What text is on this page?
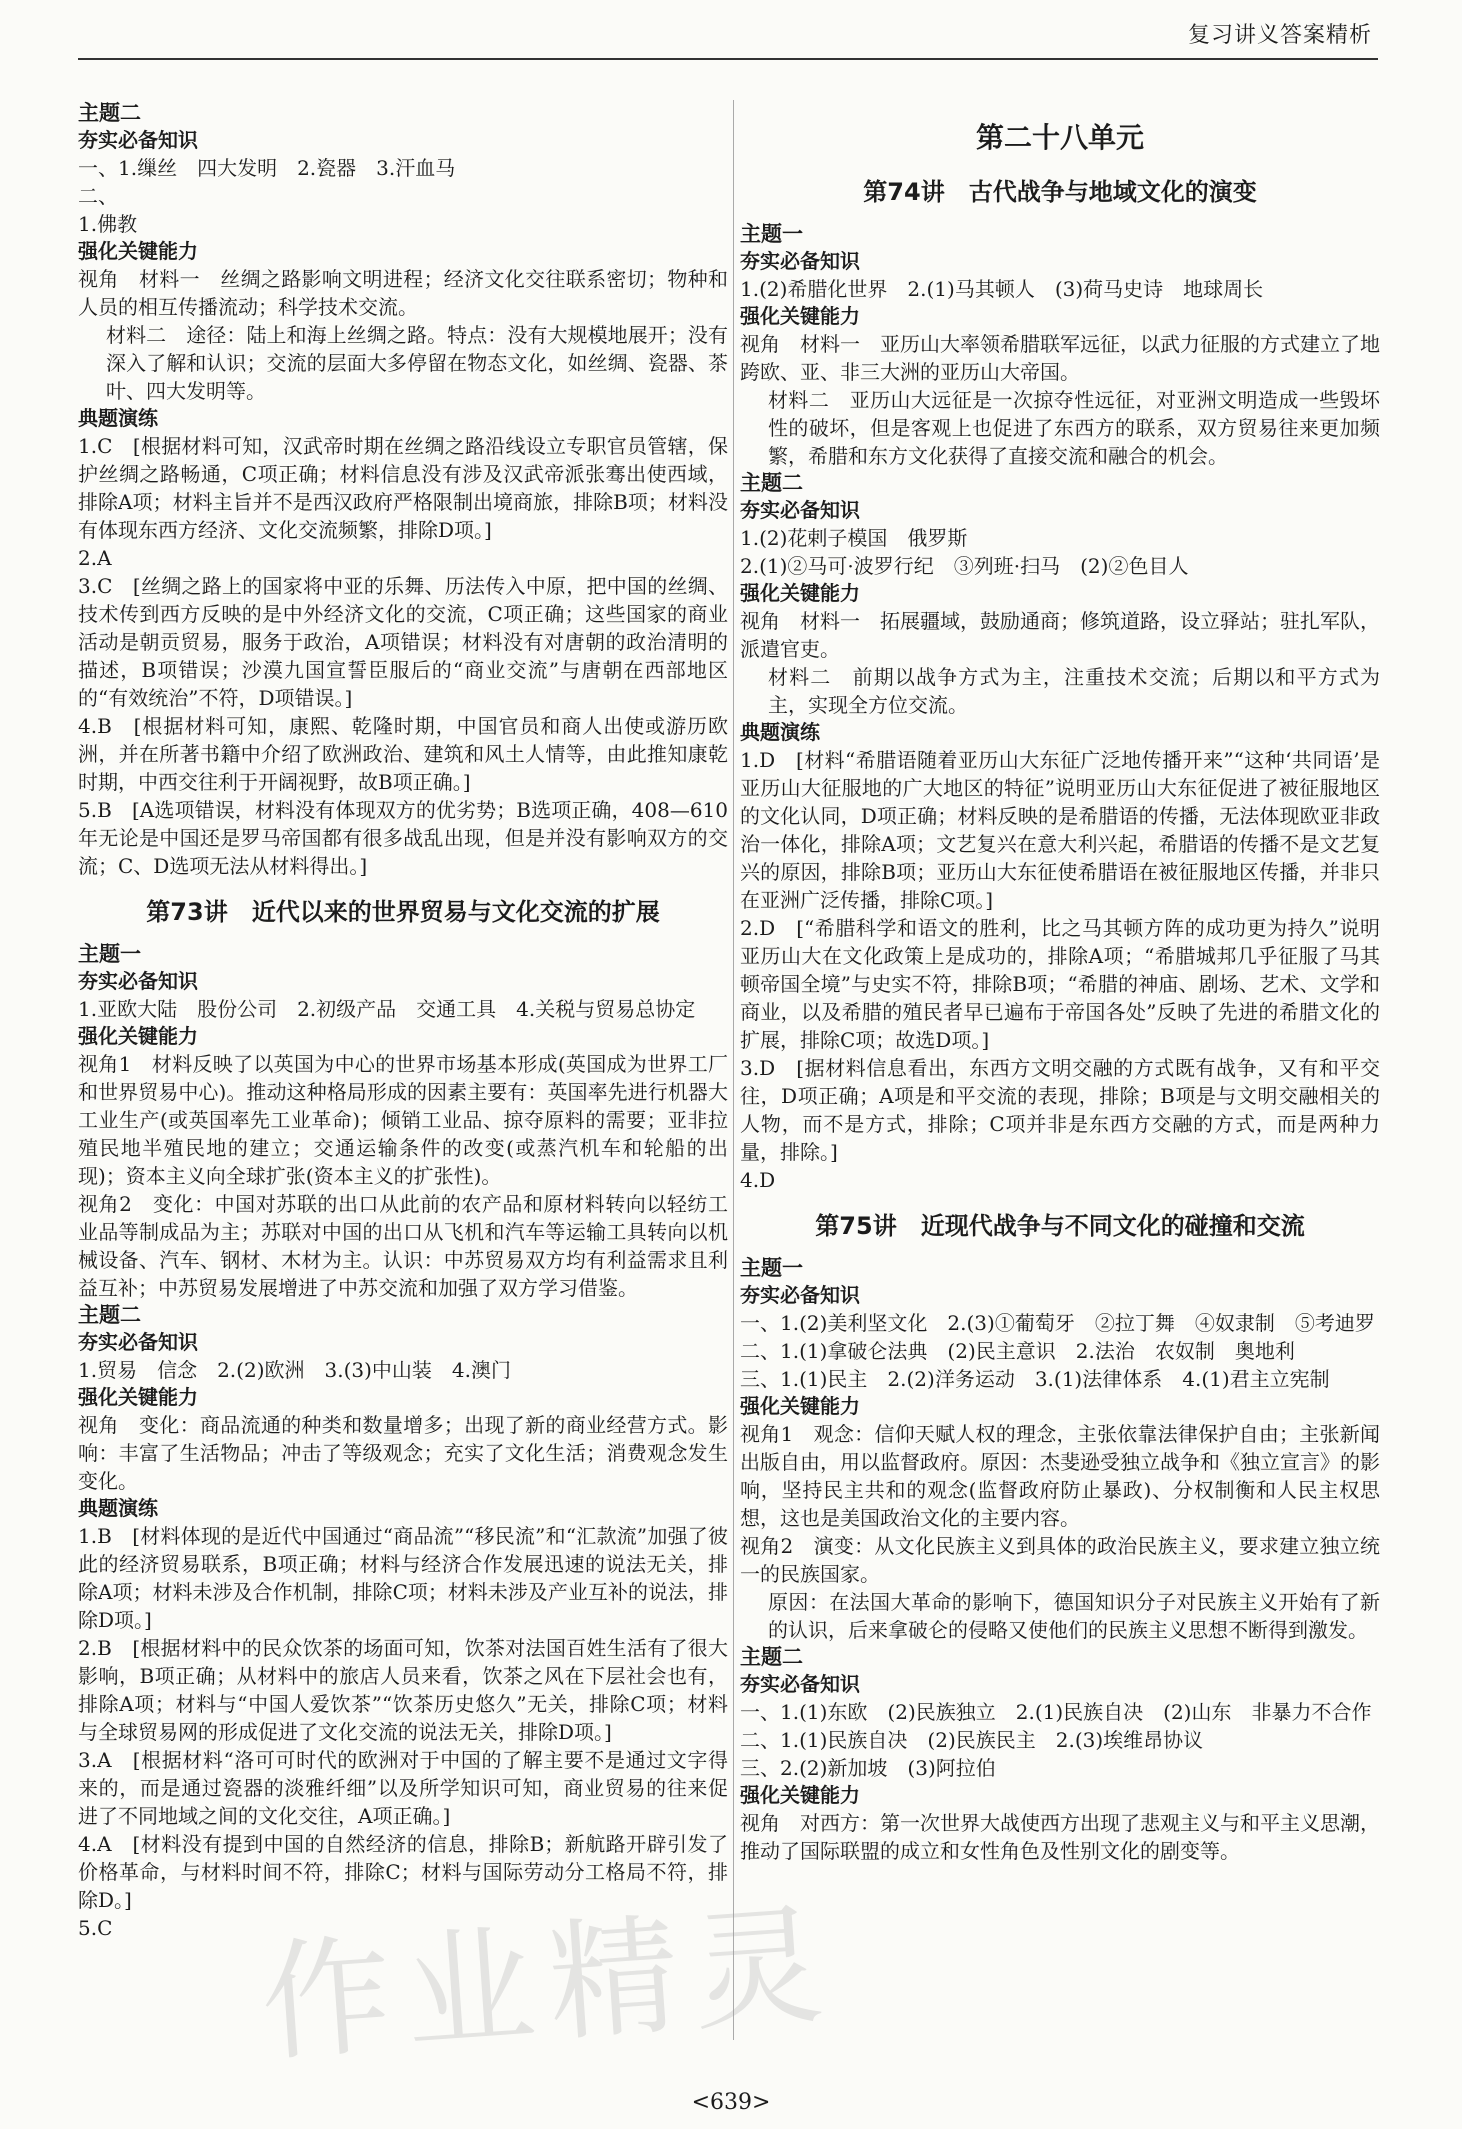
复习讲义答案精析
主题二
夯实必备知识
一、1.缫丝　四大发明　2.瓷器　3.汗血马
二、
1.佛教
强化关键能力
视角　材料一　丝绸之路影响文明进程；经济文化交往联系密切；物种和人员的相互传播流动；科学技术交流。
材料二　途径：陆上和海上丝绸之路。特点：没有大规模地展开；没有深入了解和认识；交流的层面大多停留在物态文化，如丝绸、瓷器、茶叶、四大发明等。
典题演练
1.C　[根据材料可知，汉武帝时期在丝绸之路沿线设立专职官员管辖，保护丝绸之路畅通，C项正确；材料信息没有涉及汉武帝派张骞出使西域，排除A项；材料主旨并不是西汉政府严格限制出境商旅，排除B项；材料没有体现东西方经济、文化交流频繁，排除D项。]
2.A
3.C　[丝绸之路上的国家将中亚的乐舞、历法传入中原，把中国的丝绸、技术传到西方反映的是中外经济文化的交流，C项正确；这些国家的商业活动是朝贡贸易，服务于政治，A项错误；材料没有对唐朝的政治清明的描述，B项错误；沙漠九国宣誓臣服后的“商业交流”与唐朝在西部地区的“有效统治”不符，D项错误。]
4.B　[根据材料可知，康熙、乾隆时期，中国官员和商人出使或游历欧洲，并在所著书籍中介绍了欧洲政治、建筑和风土人情等，由此推知康乾时期，中西交往利于开阔视野，故B项正确。]
5.B　[A选项错误，材料没有体现双方的优劣势；B选项正确，408—610年无论是中国还是罗马帝国都有很多战乱出现，但是并没有影响双方的交流；C、D选项无法从材料得出。]
第73讲　近代以来的世界贸易与文化交流的扩展
主题一
夯实必备知识
1.亚欧大陆　股份公司　2.初级产品　交通工具　4.关税与贸易总协定
强化关键能力
视角1　材料反映了以英国为中心的世界市场基本形成(英国成为世界工厂和世界贸易中心)。推动这种格局形成的因素主要有：英国率先进行机器大工业生产(或英国率先工业革命)；倾销工业品、掠夺原料的需要；亚非拉殖民地半殖民地的建立；交通运输条件的改变(或蒸汽机车和轮船的出现)；资本主义向全球扩张(资本主义的扩张性)。
视角2　变化：中国对苏联的出口从此前的农产品和原材料转向以轻纺工业品等制成品为主；苏联对中国的出口从飞机和汽车等运输工具转向以机械设备、汽车、钢材、木材为主。认识：中苏贸易双方均有利益需求且利益互补；中苏贸易发展增进了中苏交流和加强了双方学习借鉴。
主题二
夯实必备知识
1.贸易　信念　2.(2)欧洲　3.(3)中山装　4.澳门
强化关键能力
视角　变化：商品流通的种类和数量增多；出现了新的商业经营方式。影响：丰富了生活物品；冲击了等级观念；充实了文化生活；消费观念发生变化。
典题演练
1.B　[材料体现的是近代中国通过“商品流”“移民流”和“汇款流”加强了彼此的经济贸易联系，B项正确；材料与经济合作发展迅速的说法无关，排除A项；材料未涉及合作机制，排除C项；材料未涉及产业互补的说法，排除D项。]
2.B　[根据材料中的民众饮茶的场面可知，饮茶对法国百姓生活有了很大影响，B项正确；从材料中的旅店人员来看，饮茶之风在下层社会也有，排除A项；材料与“中国人爱饮茶”“饮茶历史悠久”无关，排除C项；材料与全球贸易网的形成促进了文化交流的说法无关，排除D项。]
3.A　[根据材料“洛可可时代的欧洲对于中国的了解主要不是通过文字得来的，而是通过瓷器的淡雅纤细”以及所学知识可知，商业贸易的往来促进了不同地域之间的文化交往，A项正确。]
4.A　[材料没有提到中国的自然经济的信息，排除B；新航路开辟引发了价格革命，与材料时间不符，排除C；材料与国际劳动分工格局不符，排除D。]
5.C
第二十八单元
第74讲　古代战争与地域文化的演变
主题一
夯实必备知识
1.(2)希腊化世界　2.(1)马其顿人　(3)荷马史诗　地球周长
强化关键能力
视角　材料一　亚历山大率领希腊联军远征，以武力征服的方式建立了地跨欧、亚、非三大洲的亚历山大帝国。
材料二　亚历山大远征是一次掠夺性远征，对亚洲文明造成一些毁坏性的破坏，但是客观上也促进了东西方的联系，双方贸易往来更加频繁，希腊和东方文化获得了直接交流和融合的机会。
主题二
夯实必备知识
1.(2)花剌子模国　俄罗斯
2.(1)②马可·波罗行纪　③列班·扫马　(2)②色目人
强化关键能力
视角　材料一　拓展疆域，鼓励通商；修筑道路，设立驿站；驻扎军队，派遣官吏。
材料二　前期以战争方式为主，注重技术交流；后期以和平方式为主，实现全方位交流。
典题演练
1.D　[材料“希腊语随着亚历山大东征广泛地传播开来”“这种‘共同语’是亚历山大征服地的广大地区的特征”说明亚历山大东征促进了被征服地区的文化认同，D项正确；材料反映的是希腊语的传播，无法体现欧亚非政治一体化，排除A项；文艺复兴在意大利兴起，希腊语的传播不是文艺复兴的原因，排除B项；亚历山大东征使希腊语在被征服地区传播，并非只在亚洲广泛传播，排除C项。]
2.D　[“希腊科学和语文的胜利，比之马其顿方阵的成功更为持久”说明亚历山大在文化政策上是成功的，排除A项；“希腊城邦几乎征服了马其顿帝国全境”与史实不符，排除B项；“希腊的神庙、剧场、艺术、文学和商业，以及希腊的殖民者早已遍布于帝国各处”反映了先进的希腊文化的扩展，排除C项；故选D项。]
3.D　[据材料信息看出，东西方文明交融的方式既有战争，又有和平交往，D项正确；A项是和平交流的表现，排除；B项是与文明交融相关的人物，而不是方式，排除；C项并非是东西方交融的方式，而是两种力量，排除。]
4.D
第75讲　近现代战争与不同文化的碰撞和交流
主题一
夯实必备知识
一、1.(2)美利坚文化　2.(3)①葡萄牙　②拉丁舞　④奴隶制　⑤考迪罗
二、1.(1)拿破仑法典　(2)民主意识　2.法治　农奴制　奥地利
三、1.(1)民主　2.(2)洋务运动　3.(1)法律体系　4.(1)君主立宪制
强化关键能力
视角1　观念：信仰天赋人权的理念，主张依靠法律保护自由；主张新闻出版自由，用以监督政府。原因：杰斐逊受独立战争和《独立宣言》的影响，坚持民主共和的观念(监督政府防止暴政)、分权制衡和人民主权思想，这也是美国政治文化的主要内容。
视角2　演变：从文化民族主义到具体的政治民族主义，要求建立独立统一的民族国家。
原因：在法国大革命的影响下，德国知识分子对民族主义开始有了新的认识，后来拿破仑的侵略又使他们的民族主义思想不断得到激发。
主题二
夯实必备知识
一、1.(1)东欧　(2)民族独立　2.(1)民族自决　(2)山东　非暴力不合作
二、1.(1)民族自决　(2)民族民主　2.(3)埃维昂协议
三、2.(2)新加坡　(3)阿拉伯
强化关键能力
视角　对西方：第一次世界大战使西方出现了悲观主义与和平主义思潮，推动了国际联盟的成立和女性角色及性别文化的剧变等。
作业精灵
<639>
